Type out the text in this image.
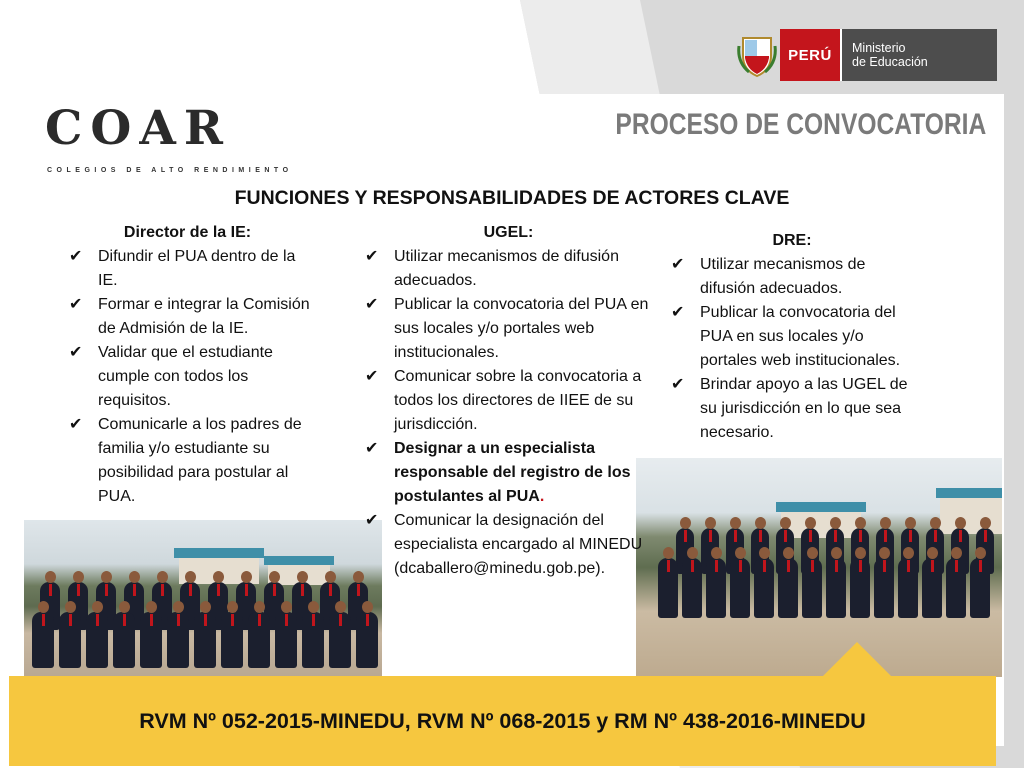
PERÚ	Ministerio
de Educación
COAR
COLEGIOS DE ALTO RENDIMIENTO
PROCESO DE CONVOCATORIA
FUNCIONES Y RESPONSABILIDADES DE ACTORES CLAVE
Director de la IE:
✔ Difundir el PUA dentro de la IE.
✔ Formar e integrar la Comisión de Admisión de la IE.
✔ Validar que el estudiante cumple con todos los requisitos.
✔ Comunicarle a los padres de familia y/o estudiante su posibilidad para postular al PUA.
UGEL:
✔ Utilizar mecanismos de difusión adecuados.
✔ Publicar la convocatoria del PUA en sus locales y/o portales web institucionales.
✔ Comunicar sobre la convocatoria a todos los directores de IIEE de su jurisdicción.
✔ Designar a un especialista responsable del registro de los postulantes al PUA.
✔ Comunicar la designación del especialista encargado al MINEDU (dcaballero@minedu.gob.pe).
DRE:
✔ Utilizar mecanismos de difusión adecuados.
✔ Publicar la convocatoria del PUA en sus locales y/o portales web institucionales.
✔ Brindar apoyo a las UGEL de su jurisdicción en lo que sea necesario.
RVM Nº 052-2015-MINEDU, RVM Nº 068-2015 y RM Nº 438-2016-MINEDU
